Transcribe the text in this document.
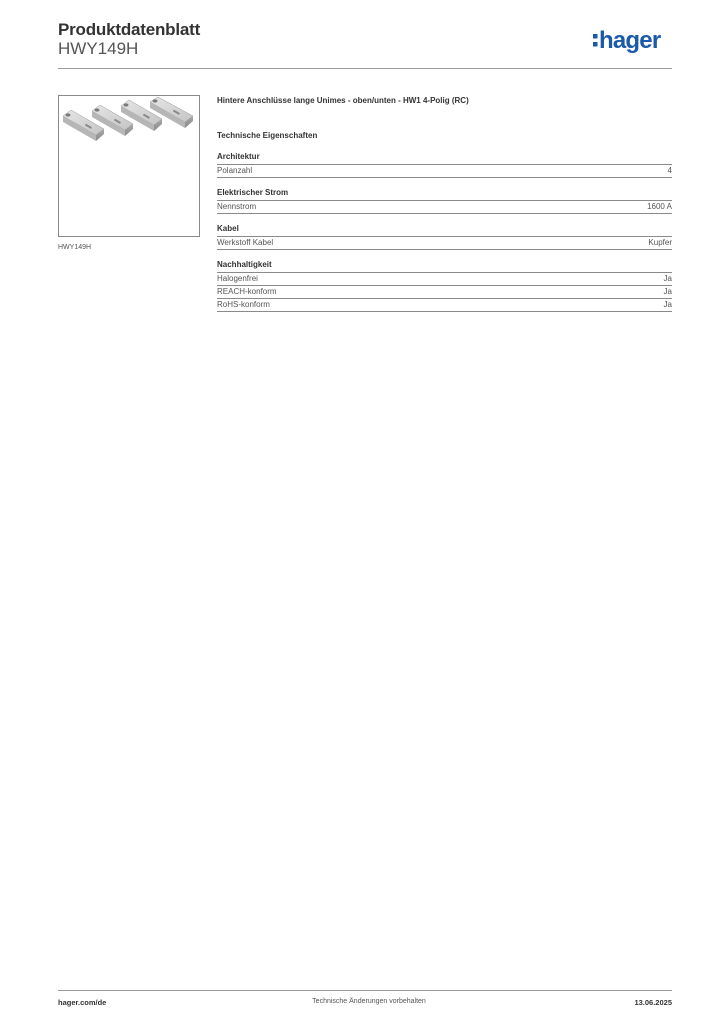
Produktdatenblatt
HWY149H	hager
HWY149H
Hintere Anschlüsse lange Unimes - oben/unten - HW1 4-Polig (RC)
Technische Eigenschaften
Architektur
Polanzahl	4
Elektrischer Strom
Nennstrom	1600 A
Kabel
Werkstoff Kabel	Kupfer
Nachhaltigkeit
Halogenfrei	Ja
REACH-konform	Ja
RoHS-konform	Ja
hager.com/de	Technische Änderungen vorbehalten	13.06.2025
